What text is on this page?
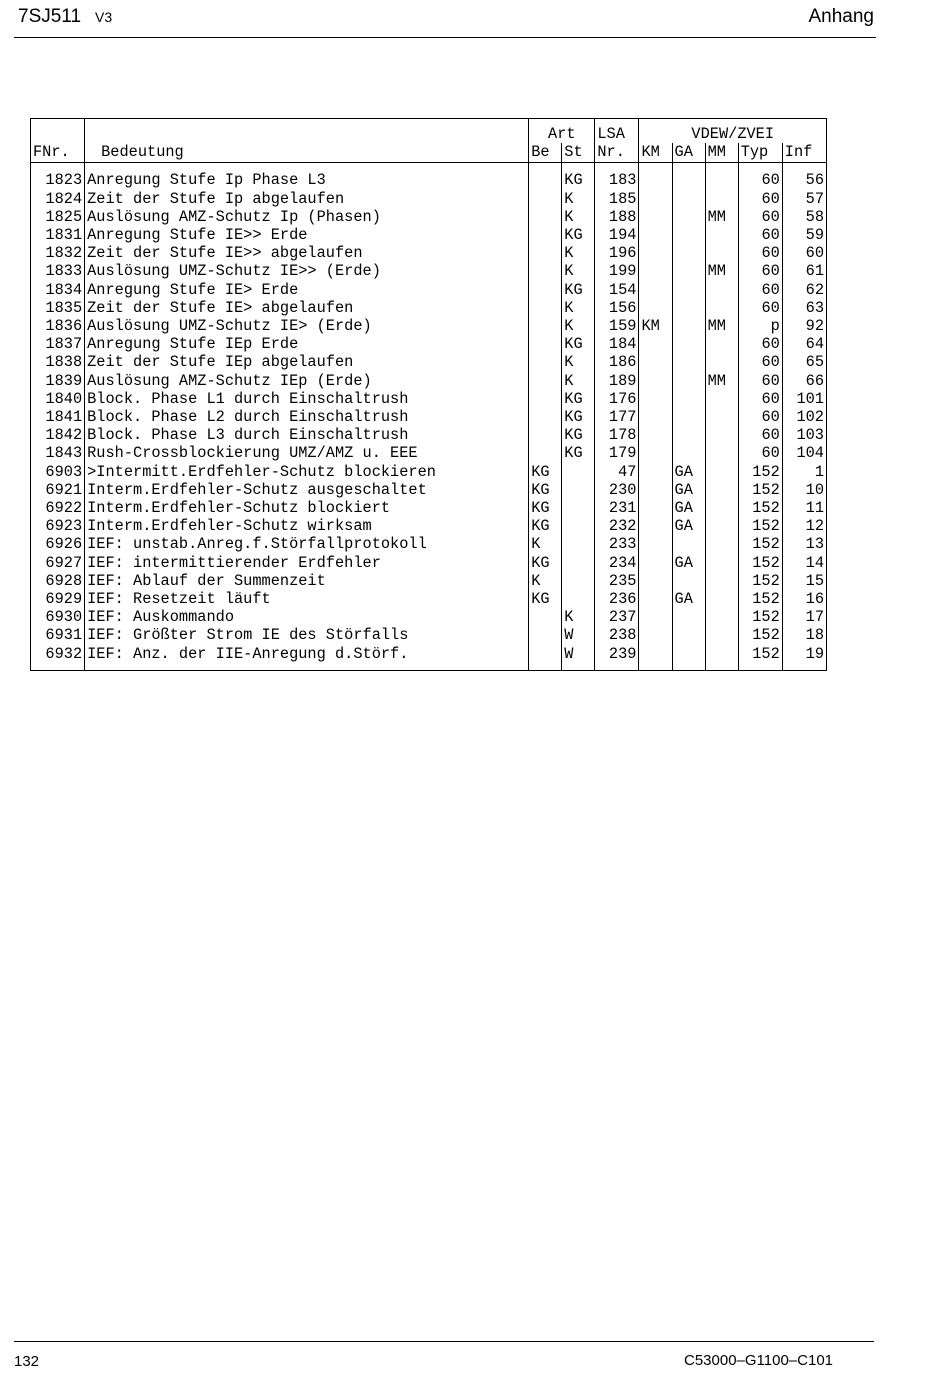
7SJ511 V3	Anhang
		Art		LSA	VDEW/ZVEI				
FNr.	Bedeutung	Be	St	Nr.	KM	GA	MM	Typ	Inf

1823	Anregung Stufe Ip Phase L3		KG	183				60	56
1824	Zeit der Stufe Ip abgelaufen		K	185				60	57
1825	Auslösung AMZ-Schutz Ip (Phasen)		K	188			MM	60	58
1831	Anregung Stufe IE>> Erde		KG	194				60	59
1832	Zeit der Stufe IE>> abgelaufen		K	196				60	60
1833	Auslösung UMZ-Schutz IE>> (Erde)		K	199			MM	60	61
1834	Anregung Stufe IE> Erde		KG	154				60	62
1835	Zeit der Stufe IE> abgelaufen		K	156				60	63
1836	Auslösung UMZ-Schutz IE> (Erde)		K	159	KM		MM	p	92
1837	Anregung Stufe IEp Erde		KG	184				60	64
1838	Zeit der Stufe IEp abgelaufen		K	186				60	65
1839	Auslösung AMZ-Schutz IEp (Erde)		K	189			MM	60	66
1840	Block. Phase L1 durch Einschaltrush		KG	176				60	101
1841	Block. Phase L2 durch Einschaltrush		KG	177				60	102
1842	Block. Phase L3 durch Einschaltrush		KG	178				60	103
1843	Rush-Crossblockierung UMZ/AMZ u. EEE		KG	179				60	104
6903	>Intermitt.Erdfehler-Schutz blockieren	KG		47		GA		152	1
6921	Interm.Erdfehler-Schutz ausgeschaltet	KG		230		GA		152	10
6922	Interm.Erdfehler-Schutz blockiert	KG		231		GA		152	11
6923	Interm.Erdfehler-Schutz wirksam	KG		232		GA		152	12
6926	IEF: unstab.Anreg.f.Störfallprotokoll	K		233				152	13
6927	IEF: intermittierender Erdfehler	KG		234		GA		152	14
6928	IEF: Ablauf der Summenzeit	K		235				152	15
6929	IEF: Resetzeit läuft	KG		236		GA		152	16
6930	IEF: Auskommando		K	237				152	17
6931	IEF: Größter Strom IE des Störfalls		W	238				152	18
6932	IEF: Anz. der IIE-Anregung d.Störf.		W	239				152	19
132	C53000‒G1100‒C101
